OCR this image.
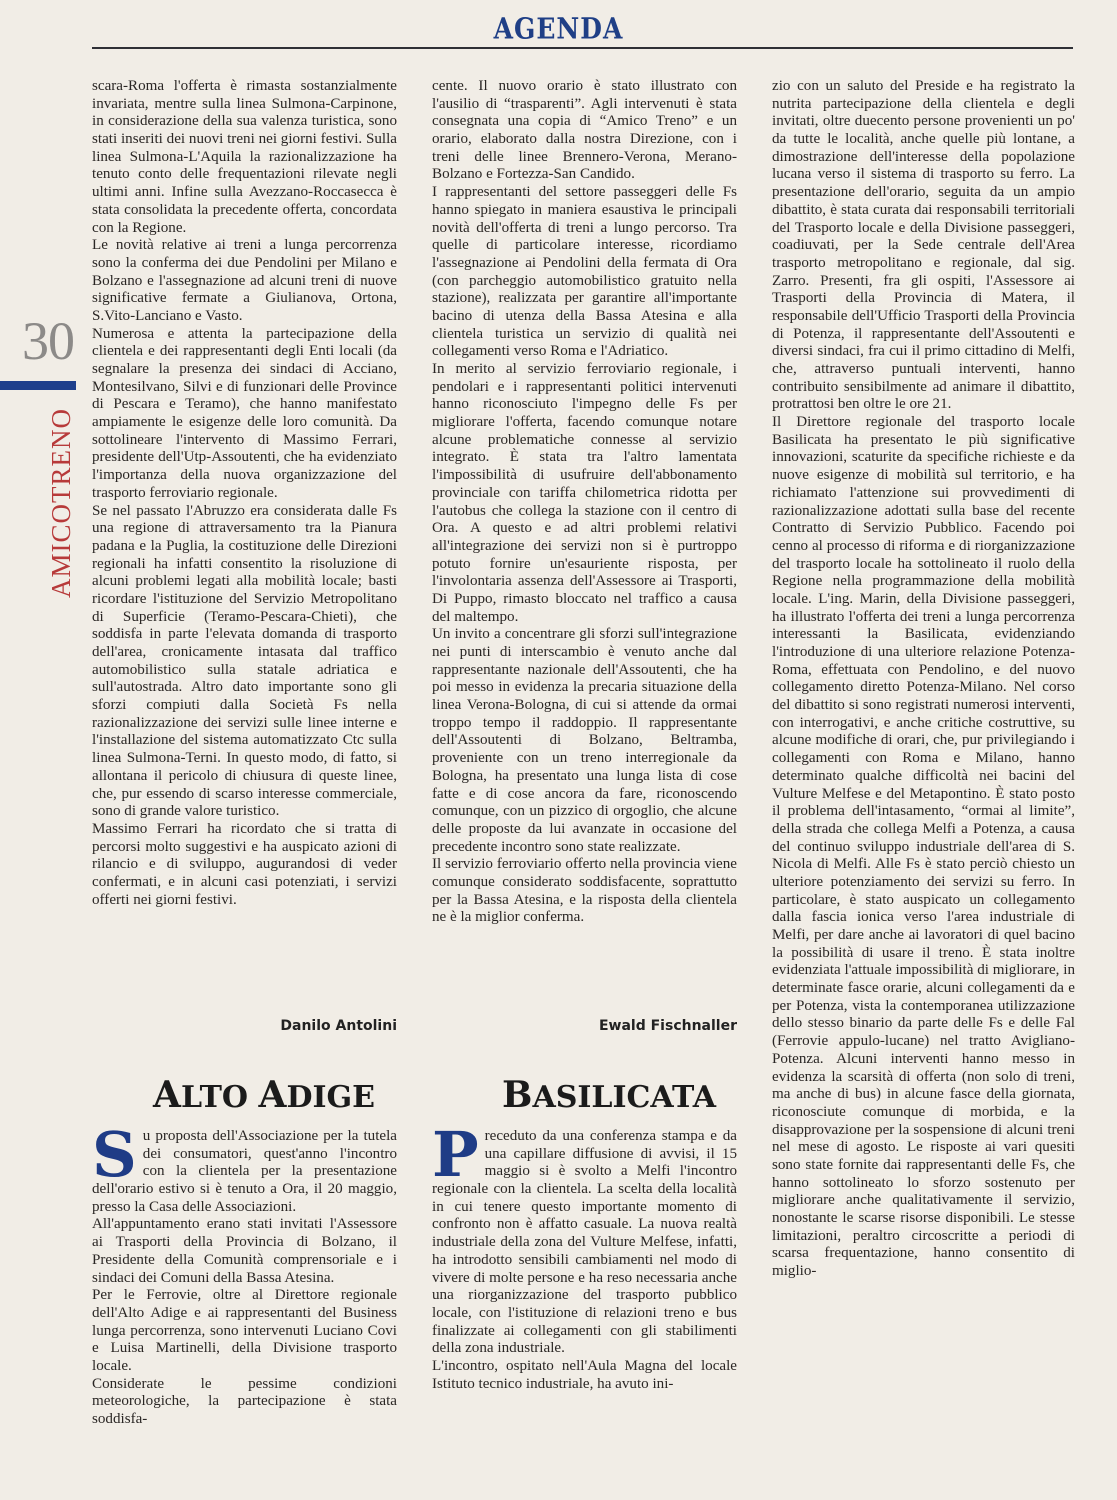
AGENDA
30
AMICOTRENO

scara-Roma l'offerta è rimasta sostanzialmente invariata, mentre sulla linea Sulmona-Carpinone, in considerazione della sua valenza turistica, sono stati inseriti dei nuovi treni nei giorni festivi. Sulla linea Sulmona-L'Aquila la razionalizzazione ha tenuto conto delle frequentazioni rilevate negli ultimi anni. Infine sulla Avezzano-Roccasecca è stata consolidata la precedente offerta, concordata con la Regione.

Le novità relative ai treni a lunga percorrenza sono la conferma dei due Pendolini per Milano e Bolzano e l'assegnazione ad alcuni treni di nuove significative fermate a Giulianova, Ortona, S.Vito-Lanciano e Vasto.

Numerosa e attenta la partecipazione della clientela e dei rappresentanti degli Enti locali (da segnalare la presenza dei sindaci di Acciano, Montesilvano, Silvi e di funzionari delle Province di Pescara e Teramo), che hanno manifestato ampiamente le esigenze delle loro comunità. Da sottolineare l'intervento di Massimo Ferrari, presidente dell'Utp-Assoutenti, che ha evidenziato l'importanza della nuova organizzazione del trasporto ferroviario regionale.

Se nel passato l'Abruzzo era considerata dalle Fs una regione di attraversamento tra la Pianura padana e la Puglia, la costituzione delle Direzioni regionali ha infatti consentito la risoluzione di alcuni problemi legati alla mobilità locale; basti ricordare l'istituzione del Servizio Metropolitano di Superficie (Teramo-Pescara-Chieti), che soddisfa in parte l'elevata domanda di trasporto dell'area, cronicamente intasata dal traffico automobilistico sulla statale adriatica e sull'autostrada. Altro dato importante sono gli sforzi compiuti dalla Società Fs nella razionalizzazione dei servizi sulle linee interne e l'installazione del sistema automatizzato Ctc sulla linea Sulmona-Terni. In questo modo, di fatto, si allontana il pericolo di chiusura di queste linee, che, pur essendo di scarso interesse commerciale, sono di grande valore turistico.

Massimo Ferrari ha ricordato che si tratta di percorsi molto suggestivi e ha auspicato azioni di rilancio e di sviluppo, augurandosi di veder confermati, e in alcuni casi potenziati, i servizi offerti nei giorni festivi.

Danilo Antolini

cente. Il nuovo orario è stato illustrato con l'ausilio di “trasparenti”. Agli intervenuti è stata consegnata una copia di “Amico Treno” e un orario, elaborato dalla nostra Direzione, con i treni delle linee Brennero-Verona, Merano-Bolzano e Fortezza-San Candido.

I rappresentanti del settore passeggeri delle Fs hanno spiegato in maniera esaustiva le principali novità dell'offerta di treni a lungo percorso. Tra quelle di particolare interesse, ricordiamo l'assegnazione ai Pendolini della fermata di Ora (con parcheggio automobilistico gratuito nella stazione), realizzata per garantire all'importante bacino di utenza della Bassa Atesina e alla clientela turistica un servizio di qualità nei collegamenti verso Roma e l'Adriatico.

In merito al servizio ferroviario regionale, i pendolari e i rappresentanti politici intervenuti hanno riconosciuto l'impegno delle Fs per migliorare l'offerta, facendo comunque notare alcune problematiche connesse al servizio integrato. È stata tra l'altro lamentata l'impossibilità di usufruire dell'abbonamento provinciale con tariffa chilometrica ridotta per l'autobus che collega la stazione con il centro di Ora. A questo e ad altri problemi relativi all'integrazione dei servizi non si è purtroppo potuto fornire un'esauriente risposta, per l'involontaria assenza dell'Assessore ai Trasporti, Di Puppo, rimasto bloccato nel traffico a causa del maltempo.

Un invito a concentrare gli sforzi sull'integrazione nei punti di interscambio è venuto anche dal rappresentante nazionale dell'Assoutenti, che ha poi messo in evidenza la precaria situazione della linea Verona-Bologna, di cui si attende da ormai troppo tempo il raddoppio. Il rappresentante dell'Assoutenti di Bolzano, Beltramba, proveniente con un treno interregionale da Bologna, ha presentato una lunga lista di cose fatte e di cose ancora da fare, riconoscendo comunque, con un pizzico di orgoglio, che alcune delle proposte da lui avanzate in occasione del precedente incontro sono state realizzate.

Il servizio ferroviario offerto nella provincia viene comunque considerato soddisfacente, soprattutto per la Bassa Atesina, e la risposta della clientela ne è la miglior conferma.

Ewald Fischnaller

zio con un saluto del Preside e ha registrato la nutrita partecipazione della clientela e degli invitati, oltre duecento persone provenienti un po' da tutte le località, anche quelle più lontane, a dimostrazione dell'interesse della popolazione lucana verso il sistema di trasporto su ferro. La presentazione dell'orario, seguita da un ampio dibattito, è stata curata dai responsabili territoriali del Trasporto locale e della Divisione passeggeri, coadiuvati, per la Sede centrale dell'Area trasporto metropolitano e regionale, dal sig. Zarro. Presenti, fra gli ospiti, l'Assessore ai Trasporti della Provincia di Matera, il responsabile dell'Ufficio Trasporti della Provincia di Potenza, il rappresentante dell'Assoutenti e diversi sindaci, fra cui il primo cittadino di Melfi, che, attraverso puntuali interventi, hanno contribuito sensibilmente ad animare il dibattito, protrattosi ben oltre le ore 21.

Il Direttore regionale del trasporto locale Basilicata ha presentato le più significative innovazioni, scaturite da specifiche richieste e da nuove esigenze di mobilità sul territorio, e ha richiamato l'attenzione sui provvedimenti di razionalizzazione adottati sulla base del recente Contratto di Servizio Pubblico. Facendo poi cenno al processo di riforma e di riorganizzazione del trasporto locale ha sottolineato il ruolo della Regione nella programmazione della mobilità locale. L'ing. Marin, della Divisione passeggeri, ha illustrato l'offerta dei treni a lunga percorrenza interessanti la Basilicata, evidenziando l'introduzione di una ulteriore relazione Potenza-Roma, effettuata con Pendolino, e del nuovo collegamento diretto Potenza-Milano. Nel corso del dibattito si sono registrati numerosi interventi, con interrogativi, e anche critiche costruttive, su alcune modifiche di orari, che, pur privilegiando i collegamenti con Roma e Milano, hanno determinato qualche difficoltà nei bacini del Vulture Melfese e del Metapontino. È stato posto il problema dell'intasamento, “ormai al limite”, della strada che collega Melfi a Potenza, a causa del continuo sviluppo industriale dell'area di S. Nicola di Melfi. Alle Fs è stato perciò chiesto un ulteriore potenziamento dei servizi su ferro. In particolare, è stato auspicato un collegamento dalla fascia ionica verso l'area industriale di Melfi, per dare anche ai lavoratori di quel bacino la possibilità di usare il treno. È stata inoltre evidenziata l'attuale impossibilità di migliorare, in determinate fasce orarie, alcuni collegamenti da e per Potenza, vista la contemporanea utilizzazione dello stesso binario da parte delle Fs e delle Fal (Ferrovie appulo-lucane) nel tratto Avigliano-Potenza. Alcuni interventi hanno messo in evidenza la scarsità di offerta (non solo di treni, ma anche di bus) in alcune fasce della giornata, riconosciute comunque di morbida, e la disapprovazione per la sospensione di alcuni treni nel mese di agosto. Le risposte ai vari quesiti sono state fornite dai rappresentanti delle Fs, che hanno sottolineato lo sforzo sostenuto per migliorare anche qualitativamente il servizio, nonostante le scarse risorse disponibili. Le stesse limitazioni, peraltro circoscritte a periodi di scarsa frequentazione, hanno consentito di miglio-

ALTO ADIGE	BASILICATA

Su proposta dell'Associazione per la tutela dei consumatori, quest'anno l'incontro con la clientela per la presentazione dell'orario estivo si è tenuto a Ora, il 20 maggio, presso la Casa delle Associazioni.

All'appuntamento erano stati invitati l'Assessore ai Trasporti della Provincia di Bolzano, il Presidente della Comunità comprensoriale e i sindaci dei Comuni della Bassa Atesina.

Per le Ferrovie, oltre al Direttore regionale dell'Alto Adige e ai rappresentanti del Business lunga percorrenza, sono intervenuti Luciano Covi e Luisa Martinelli, della Divisione trasporto locale.

Considerate le pessime condizioni meteorologiche, la partecipazione è stata soddisfa-

Preceduto da una conferenza stampa e da una capillare diffusione di avvisi, il 15 maggio si è svolto a Melfi l'incontro regionale con la clientela. La scelta della località in cui tenere questo importante momento di confronto non è affatto casuale. La nuova realtà industriale della zona del Vulture Melfese, infatti, ha introdotto sensibili cambiamenti nel modo di vivere di molte persone e ha reso necessaria anche una riorganizzazione del trasporto pubblico locale, con l'istituzione di relazioni treno e bus finalizzate ai collegamenti con gli stabilimenti della zona industriale.

L'incontro, ospitato nell'Aula Magna del locale Istituto tecnico industriale, ha avuto ini-
